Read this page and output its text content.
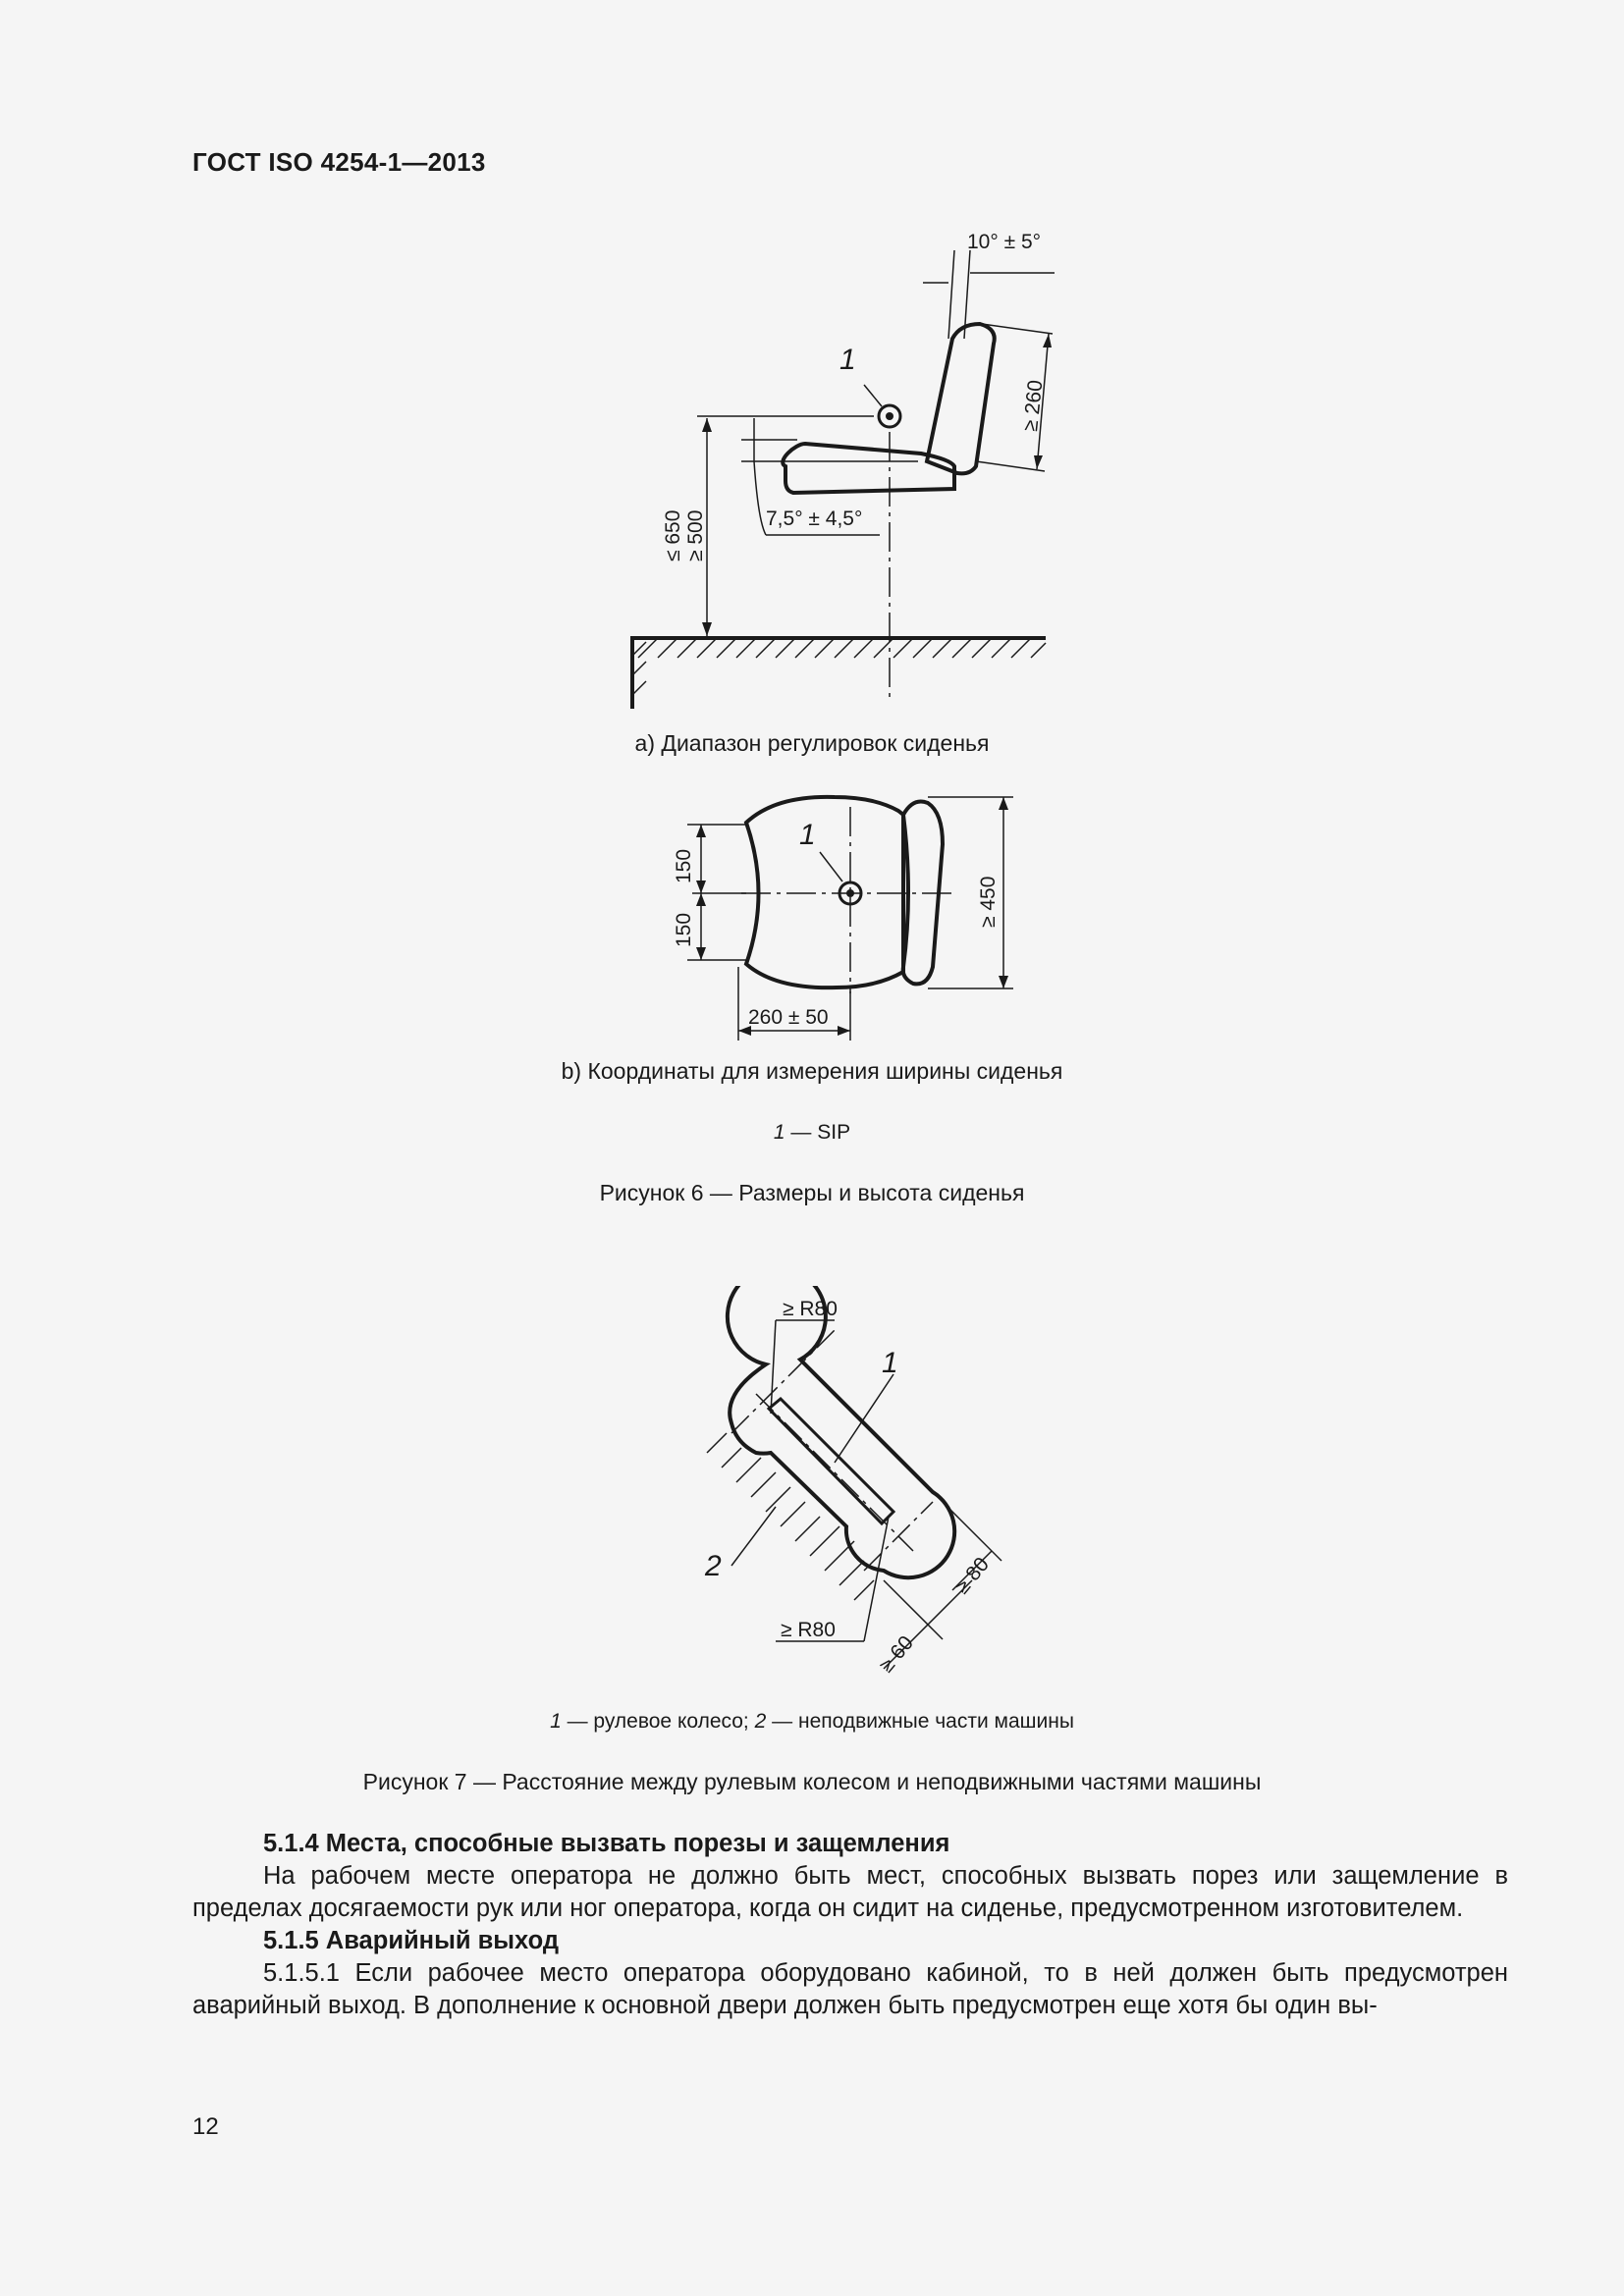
ГОСТ ISO 4254-1—2013
10° ± 5°
1
≥ 260
7,5° ± 4,5°
≤ 650 ≥ 500
a) Диапазон регулировок сиденья
150
150
≥ 450
260 ± 50
1
b) Координаты для измерения ширины сиденья
1 — SIP
Рисунок 6 — Размеры и высота сиденья
≥ R80
≥ R80
≥ 80
≥ 60
1
2
1 — рулевое колесо; 2 — неподвижные части машины
Рисунок 7 — Расстояние между рулевым колесом и неподвижными частями машины
5.1.4 Места, способные вызвать порезы и защемления
На рабочем месте оператора не должно быть мест, способных вызвать порез или защемление в пределах досягаемости рук или ног оператора, когда он сидит на сиденье, предусмотренном изготовителем.
5.1.5 Аварийный выход
5.1.5.1 Если рабочее место оператора оборудовано кабиной, то в ней должен быть предусмотрен аварийный выход. В дополнение к основной двери должен быть предусмотрен еще хотя бы один вы-
12
